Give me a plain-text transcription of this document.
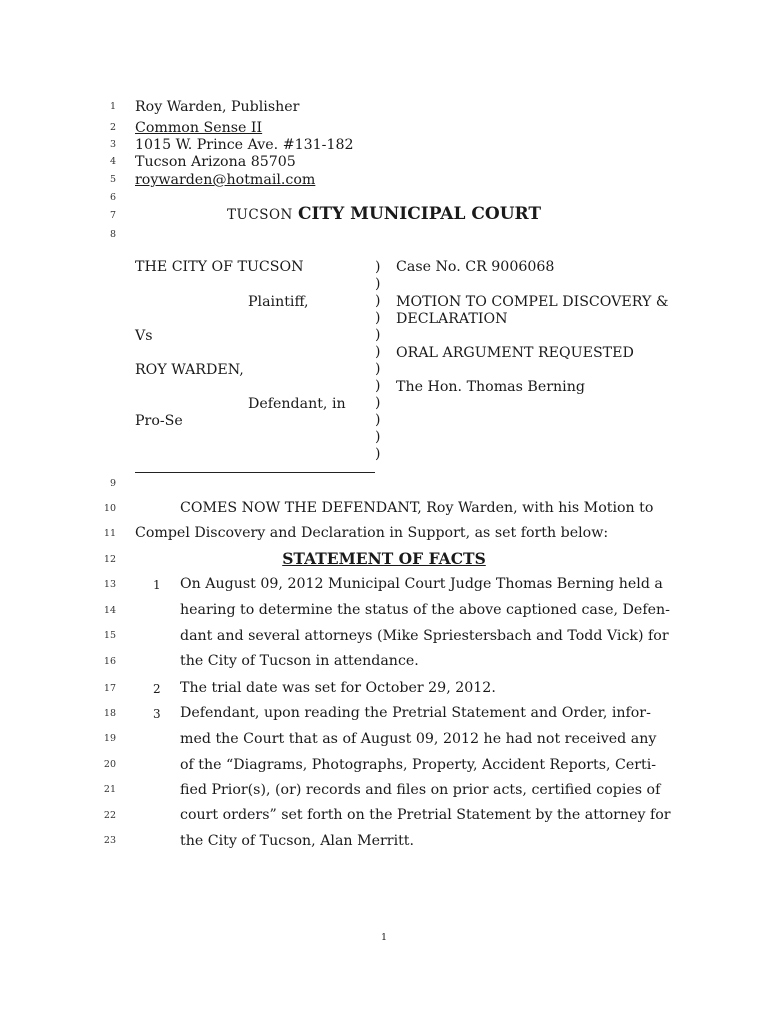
1
2
3
4
5
6
7
8
9
10
11
12
13
14
15
16
17
18
19
20
21
22
23
Roy Warden, Publisher
Common Sense II
1015 W. Prince Ave. #131-182
Tucson Arizona 85705
roywarden@hotmail.com
TUCSON CITY MUNICIPAL COURT
THE CITY OF TUCSON
Plaintiff,
Vs
ROY WARDEN,
Defendant, in
Pro-Se
)
)
)
)
)
)
)
)
)
)
)
)
Case No. CR 9006068
MOTION TO COMPEL DISCOVERY &
DECLARATION
ORAL ARGUMENT REQUESTED
The Hon. Thomas Berning
COMES NOW THE DEFENDANT, Roy Warden, with his Motion to
Compel Discovery and Declaration in Support, as set forth below:
STATEMENT OF FACTS
1 On August 09, 2012 Municipal Court Judge Thomas Berning held a
hearing to determine the status of the above captioned case, Defen-
dant and several attorneys (Mike Spriestersbach and Todd Vick) for
the City of Tucson in attendance.
2 The trial date was set for October 29, 2012.
3 Defendant, upon reading the Pretrial Statement and Order, infor-
med the Court that as of August 09, 2012 he had not received any
of the “Diagrams, Photographs, Property, Accident Reports, Certi-
fied Prior(s), (or) records and files on prior acts, certified copies of
court orders” set forth on the Pretrial Statement by the attorney for
the City of Tucson, Alan Merritt.
1
